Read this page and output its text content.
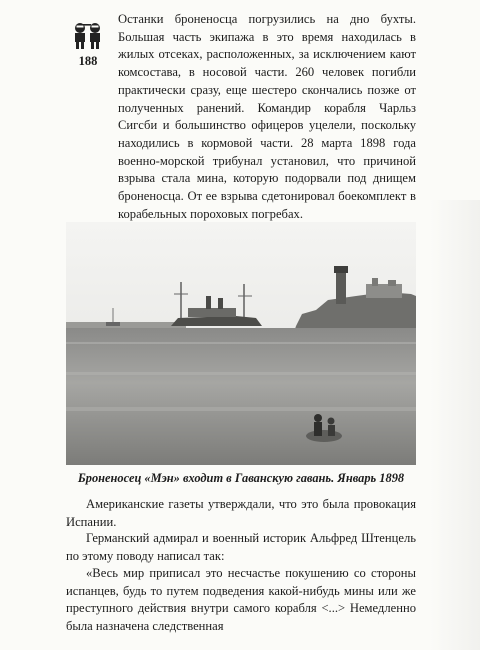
188

Останки броненосца погрузились на дно бухты. Большая часть экипажа в это время находилась в жилых отсеках, расположенных, за исключением кают комсостава, в носовой части. 260 человек погибли практически сразу, еще шестеро скончались позже от полученных ранений. Командир корабля Чарльз Сигсби и большинство офицеров уцелели, поскольку находились в кормовой части. 28 марта 1898 года военно-морской трибунал установил, что причиной взрыва стала мина, которую подорвали под днищем броненосца. От ее взрыва сдетонировал боекомплект в корабельных пороховых погребах.

Броненосец «Мэн» входит в Гаванскую гавань. Январь 1898

Американские газеты утверждали, что это была провокация Испании.

Германский адмирал и военный историк Альфред Штенцель по этому поводу написал так:

«Весь мир приписал это несчастье покушению со стороны испанцев, будь то путем подведения какой-нибудь мины или же преступного действия внутри самого корабля <...> Немедленно была назначена следственная
